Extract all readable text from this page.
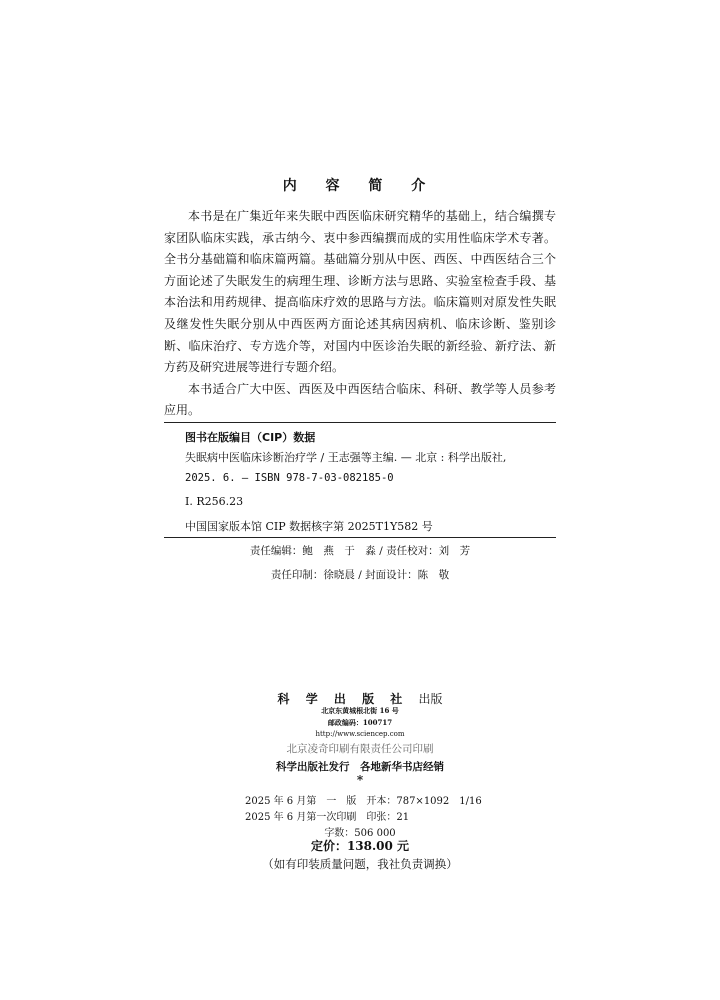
内 容 简 介

本书是在广集近年来失眠中西医临床研究精华的基础上，结合编撰专家团队临床实践，承古纳今、衷中参西编撰而成的实用性临床学术专著。全书分基础篇和临床篇两篇。基础篇分别从中医、西医、中西医结合三个方面论述了失眠发生的病理生理、诊断方法与思路、实验室检查手段、基本治法和用药规律、提高临床疗效的思路与方法。临床篇则对原发性失眠及继发性失眠分别从中西医两方面论述其病因病机、临床诊断、鉴别诊断、临床治疗、专方选介等，对国内中医诊治失眠的新经验、新疗法、新方药及研究进展等进行专题介绍。

本书适合广大中医、西医及中西医结合临床、科研、教学等人员参考应用。

图书在版编目（CIP）数据
失眠病中医临床诊断治疗学 / 王志强等主编. — 北京 : 科学出版社,
2025. 6. — ISBN 978-7-03-082185-0
Ⅰ. R256.23
中国国家版本馆 CIP 数据核字第 2025T1Y582 号
责任编辑：鲍　燕　于　淼 / 责任校对：刘　芳
责任印制：徐晓晨 / 封面设计：陈　敬
科 学 出 版 社 出版
北京东黄城根北街 16 号
邮政编码：100717
http://www.sciencep.com
北京凌奇印刷有限责任公司印刷
科学出版社发行　各地新华书店经销
*
2025 年 6 月第　一　版　开本：787×1092　1/16
2025 年 6 月第一次印刷　印张：21
字数：506 000
定价：138.00 元
（如有印装质量问题，我社负责调换）
